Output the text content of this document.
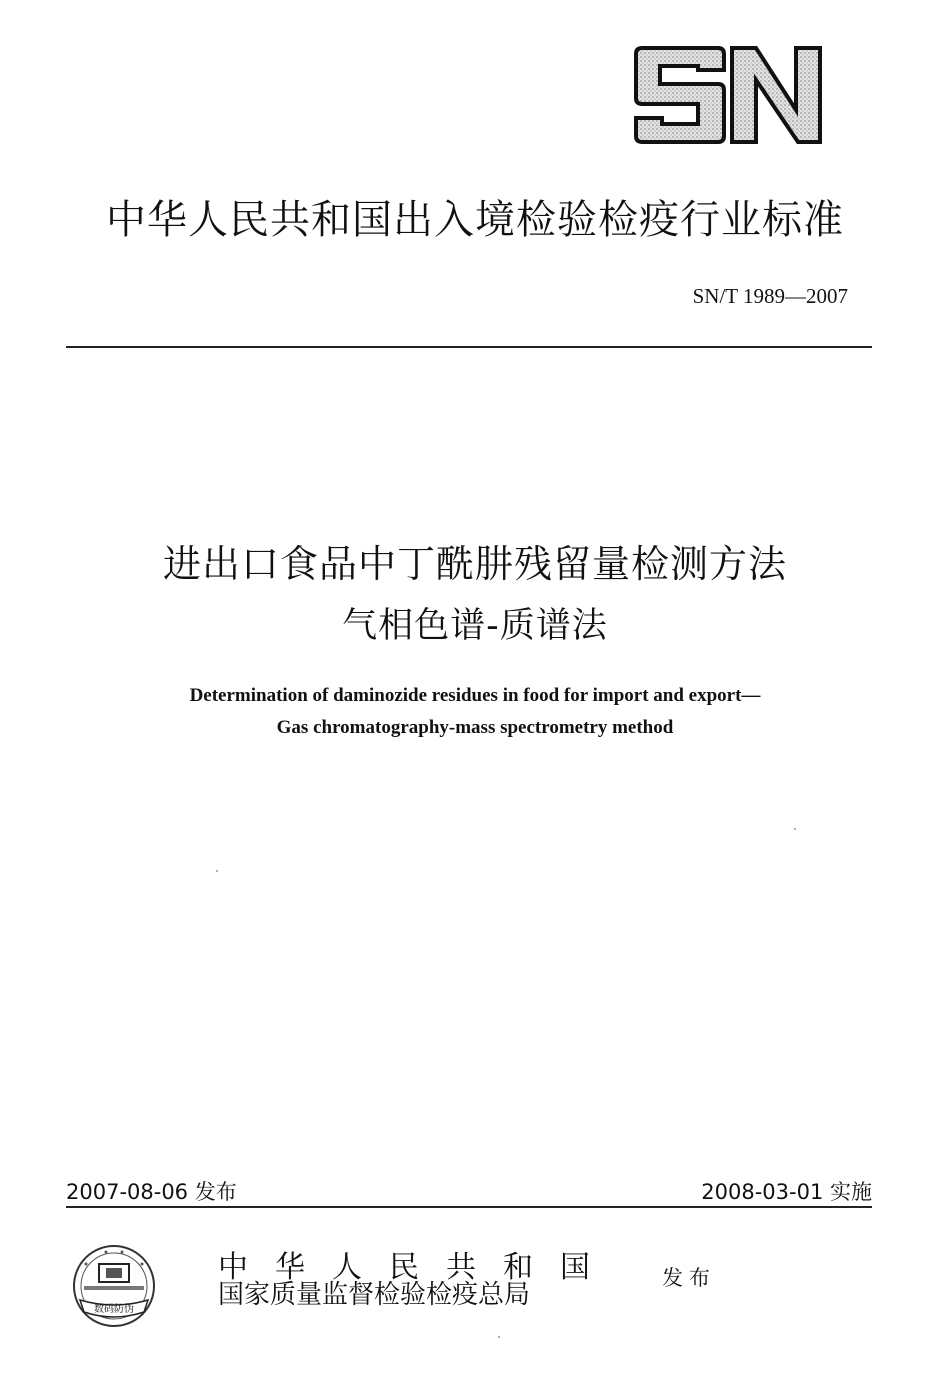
中华人民共和国出入境检验检疫行业标准
SN/T 1989—2007
进出口食品中丁酰肼残留量检测方法
气相色谱-质谱法
Determination of daminozide residues in food for import and export—
Gas chromatography-mass spectrometry method
2007-08-06 发布	2008-03-01 实施
数码防伪
中华人民共和国
国家质量监督检验检疫总局
发布
